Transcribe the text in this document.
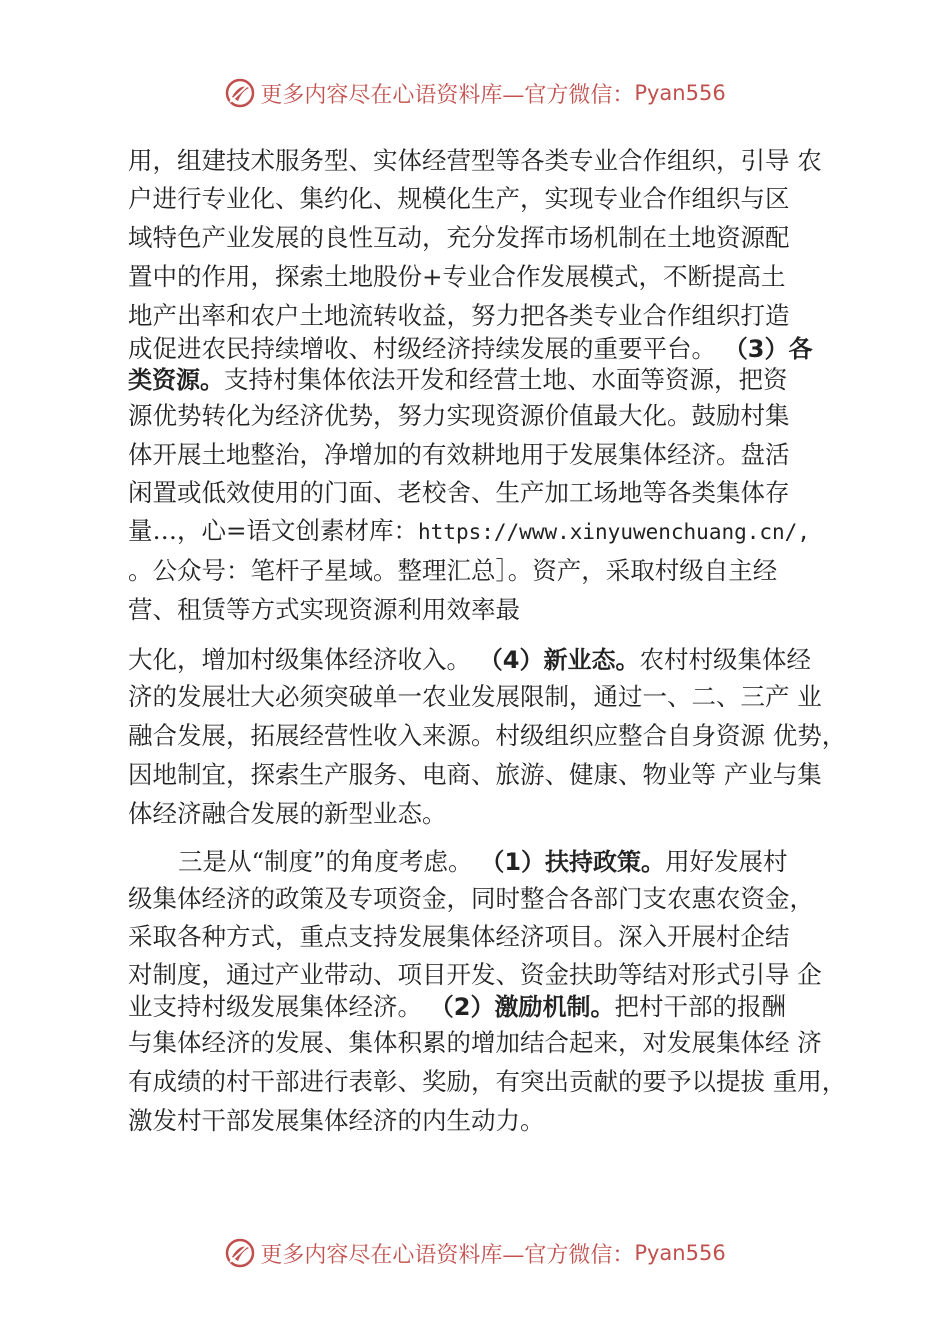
更多内容尽在心语资料库—官方微信： Pyan556
用，组建技术服务型、实体经营型等各类专业合作组织，引导 农
户进行专业化、集约化、规模化生产，实现专业合作组织与区
域特色产业发展的良性互动，充分发挥市场机制在土地资源配
置中的作用，探索土地股份+专业合作发展模式，不断提高土
地产出率和农户土地流转收益，努力把各类专业合作组织打造
成促进农民持续增收、村级经济持续发展的重要平台。 （3）各
类资源。支持村集体依法开发和经营土地、水面等资源，把资
源优势转化为经济优势，努力实现资源价值最大化。鼓励村集
体开展土地整治，净增加的有效耕地用于发展集体经济。盘活
闲置或低效使用的门面、老校舍、生产加工场地等各类集体存
量…，心=语文创素材库：https://www.xinyuwenchuang.cn/,
。公众号：笔杆子星域。整理汇总］。资产，采取村级自主经
营、租赁等方式实现资源利用效率最
大化，增加村级集体经济收入。 （4）新业态。农村村级集体经
济的发展壮大必须突破单一农业发展限制，通过一、二、三产 业
融合发展，拓展经营性收入来源。村级组织应整合自身资源 优势，
因地制宜，探索生产服务、电商、旅游、健康、物业等 产业与集
体经济融合发展的新型业态。
三是从“制度”的角度考虑。 （1）扶持政策。用好发展村
级集体经济的政策及专项资金，同时整合各部门支农惠农资金，
采取各种方式，重点支持发展集体经济项目。深入开展村企结
对制度，通过产业带动、项目开发、资金扶助等结对形式引导 企
业支持村级发展集体经济。 （2）激励机制。把村干部的报酬
与集体经济的发展、集体积累的增加结合起来，对发展集体经 济
有成绩的村干部进行表彰、奖励，有突出贡献的要予以提拔 重用，
激发村干部发展集体经济的内生动力。
更多内容尽在心语资料库—官方微信： Pyan556
